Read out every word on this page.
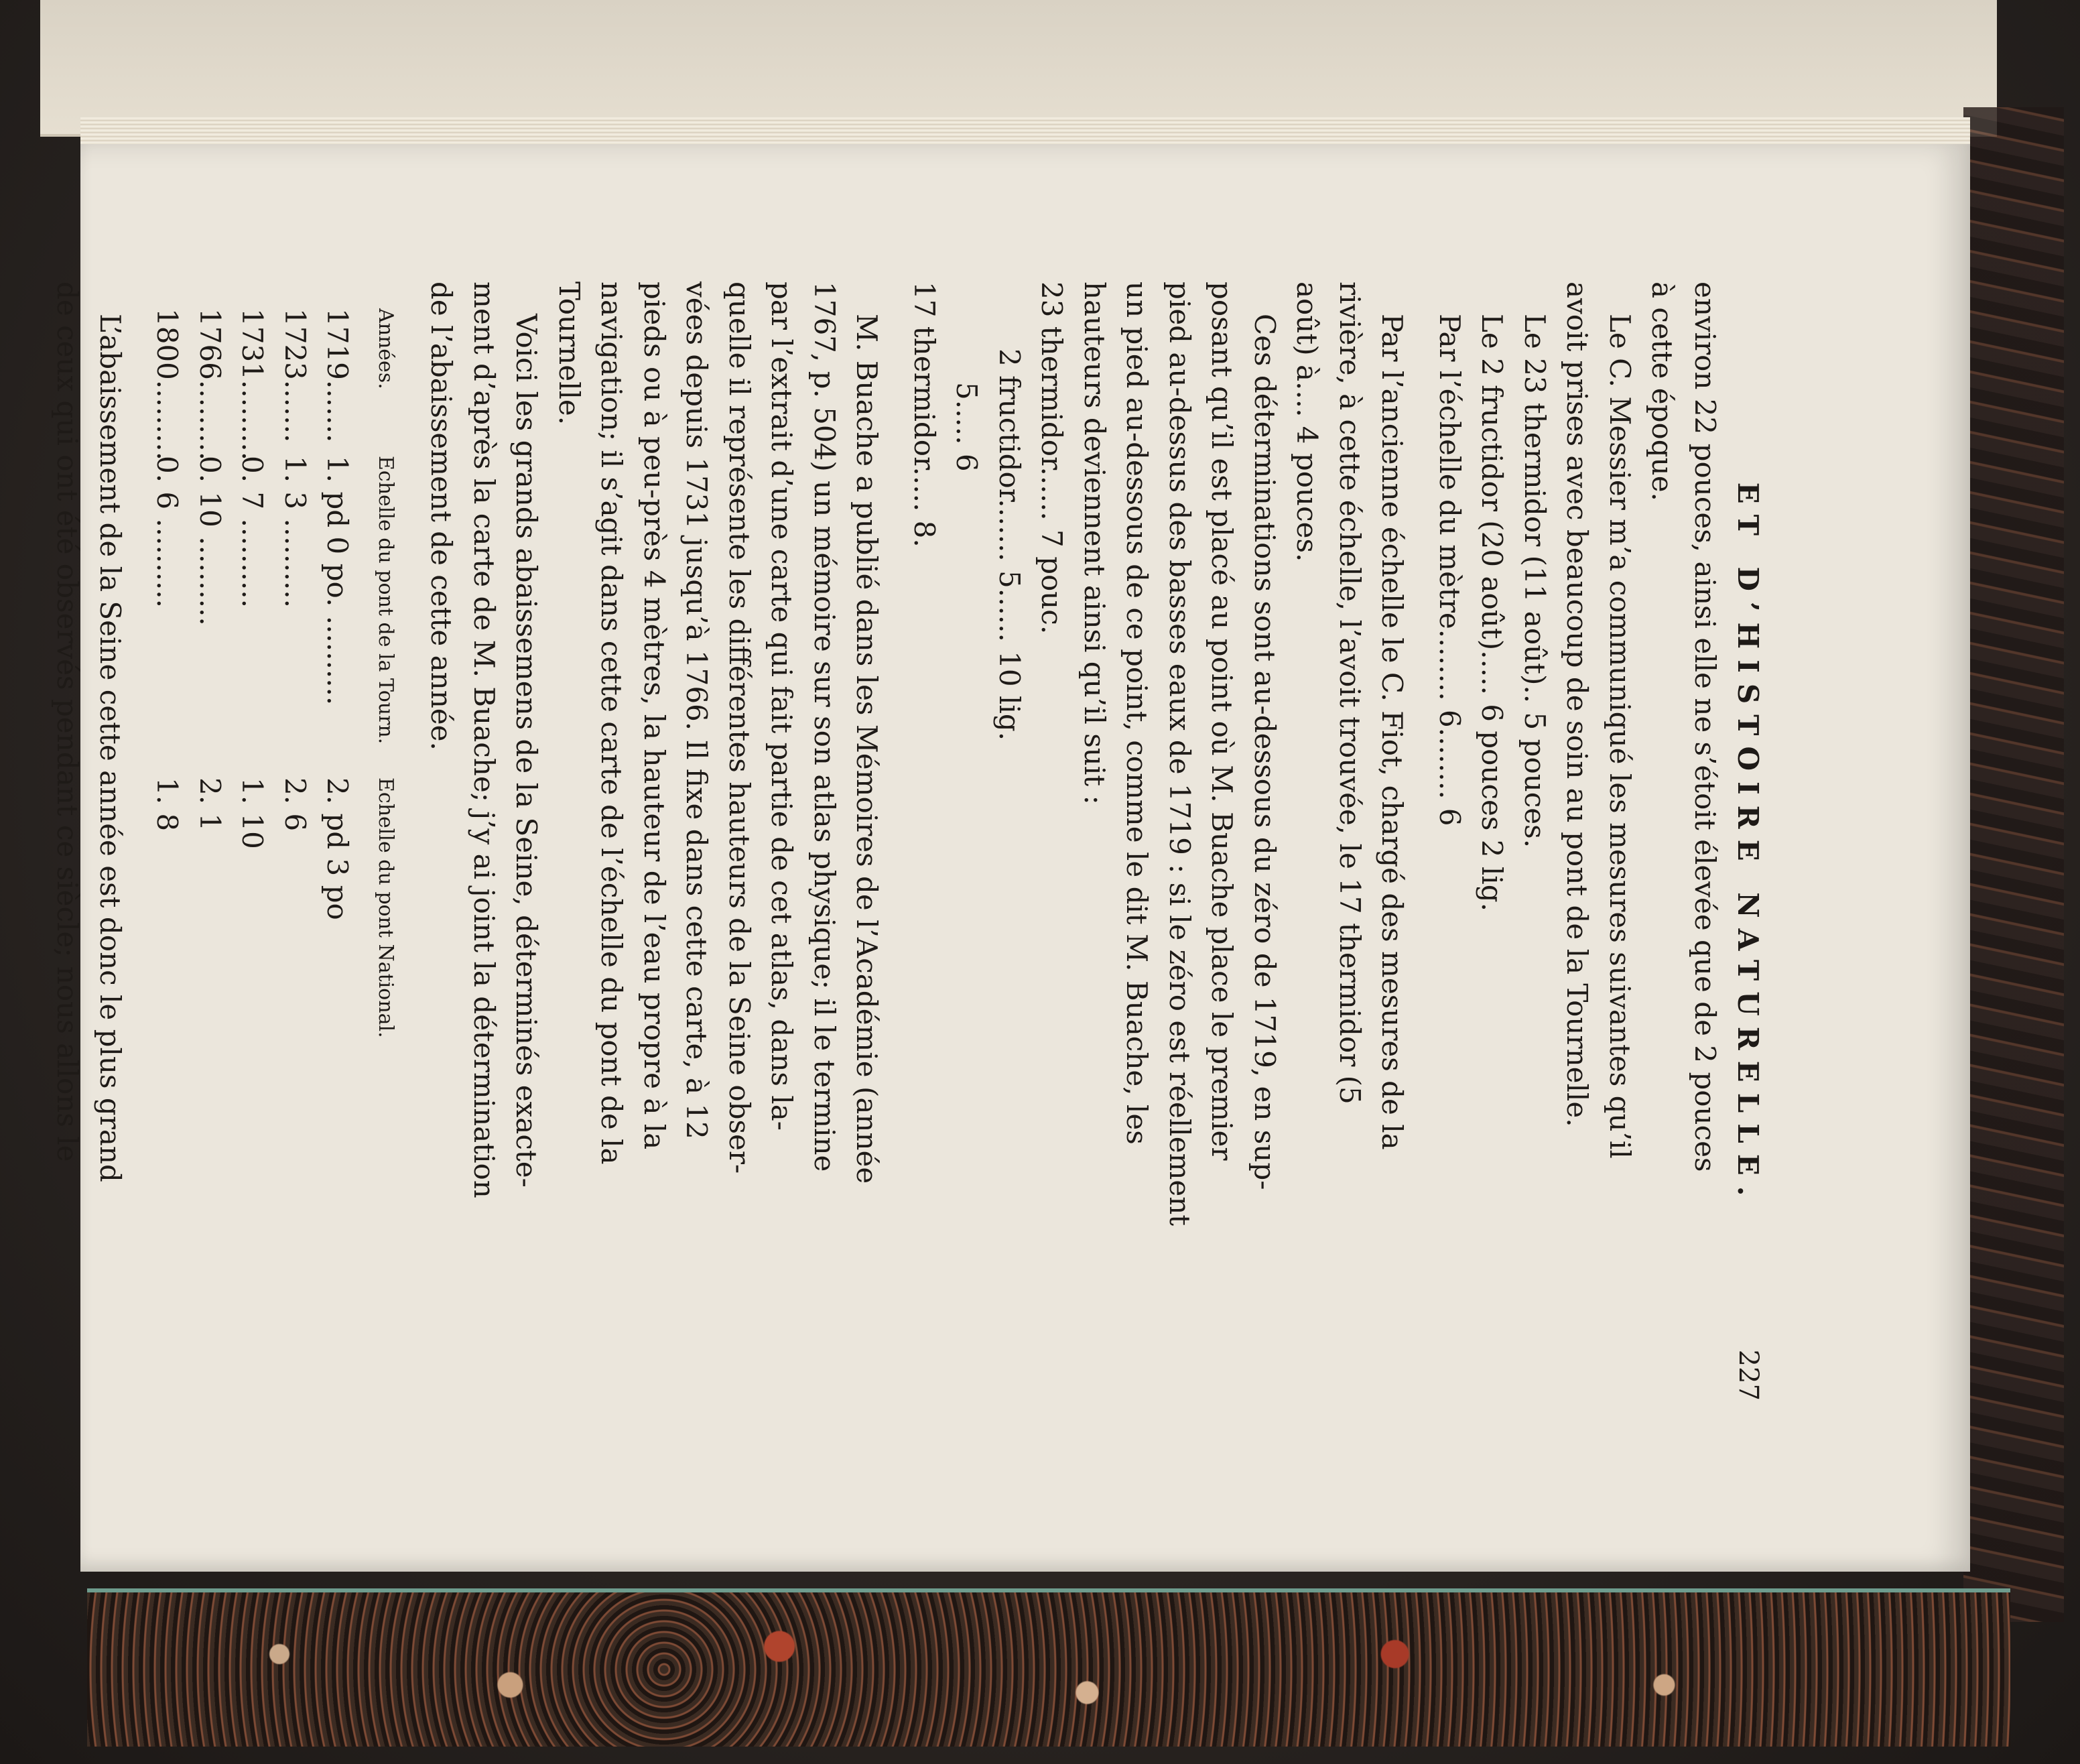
ET D’HISTOIRE NATURELLE.
227
environ 22 pouces, ainsi elle ne s’étoit élevée que de 2 pouces
à cette époque.
Le C. Messier m’a communiqué les mesures suivantes qu’il
avoit prises avec beaucoup de soin au pont de la Tournelle.
Le 23 thermidor (11 août).. 5 pouces.
Le 2 fructidor (20 août)..... 6 pouces 2 lig.
Par l’échelle du mètre........ 6........ 6
Par l’ancienne échelle le C. Fiot, chargé des mesures de la
rivière, à cette échelle, l’avoit trouvée, le 17 thermidor (5
août) à.... 4 pouces.
Ces déterminations sont au-dessous du zéro de 1719, en sup-
posant qu’il est placé au point où M. Buache place le premier
pied au-dessus des basses eaux de 1719 : si le zéro est réellement
un pied au-dessous de ce point, comme le dit M. Buache, les
hauteurs deviennent ainsi qu’il suit :
23 thermidor...... 7 pouc.
2 fructidor....... 5...... 10 lig.
5..... 6
17 thermidor..... 8.
M. Buache a publié dans les Mémoires de l’Académie (année
1767, p. 504) un mémoire sur son atlas physique; il le termine
par l’extrait d’une carte qui fait partie de cet atlas, dans la-
quelle il représente les différentes hauteurs de la Seine obser-
vées depuis 1731 jusqu’à 1766. Il fixe dans cette carte, à 12
pieds ou à peu-près 4 mètres, la hauteur de l’eau propre à la
navigation; il s’agit dans cette carte de l’échelle du pont de la
Tournelle.
Voici les grands abaissemens de la Seine, déterminés exacte-
ment d’après la carte de M. Buache; j’y ai joint la détermination
de l’abaissement de cette année.
Années.
Echelle du pont de la Tourn.
Echelle du pont National.
1719.......
1. pd 0 po. ..........
2. pd 3 po
1723.......
1. 3 ..........
2. 6
1731.........
0. 7 ..........
1. 10
1766.........
0. 10 ..........
2. 1
1800.........
0. 6 ..........
1. 8
L’abaissement de la Seine cette année est donc le plus grand
de ceux qui ont été observés pendant ce siècle; nous allons le
